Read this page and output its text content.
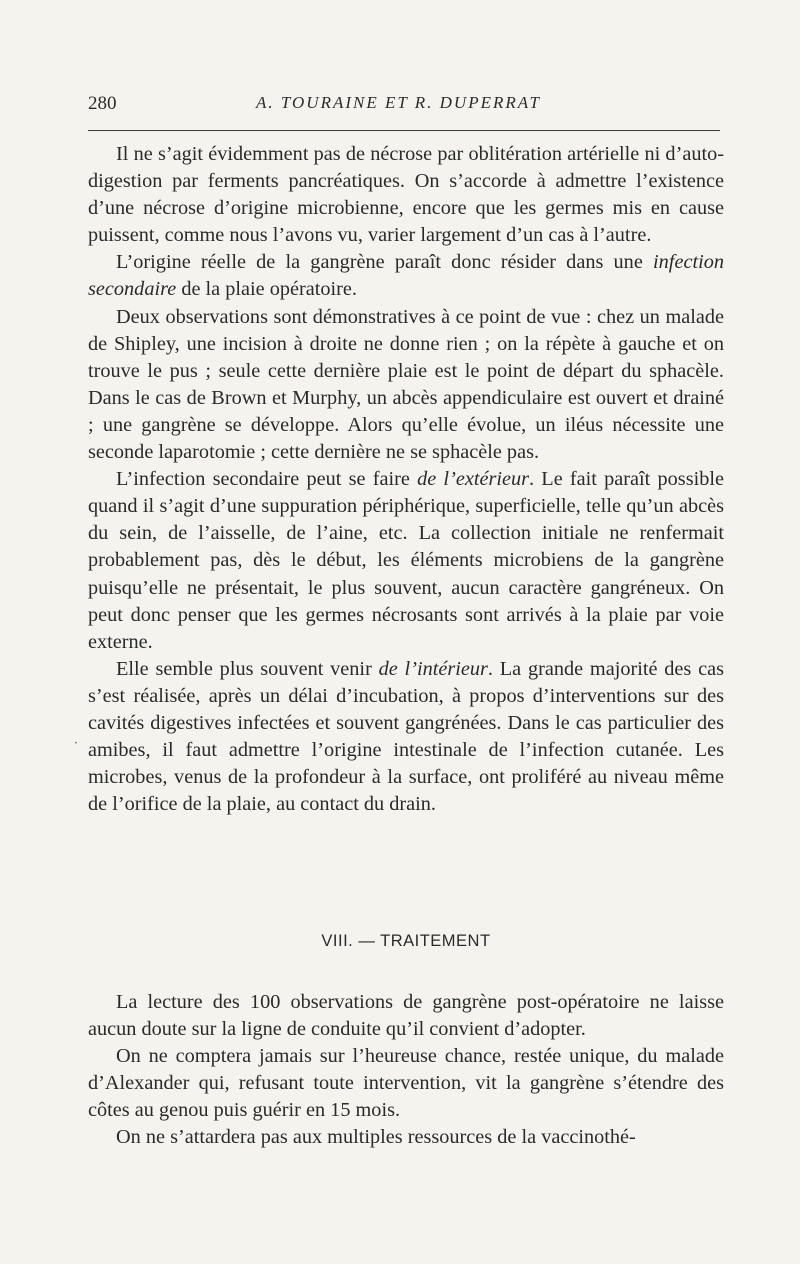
280	A. TOURAINE ET R. DUPERRAT

Il ne s’agit évidemment pas de nécrose par oblitération artérielle ni d’auto-digestion par ferments pancréatiques. On s’accorde à admettre l’existence d’une nécrose d’origine microbienne, encore que les germes mis en cause puissent, comme nous l’avons vu, varier largement d’un cas à l’autre.

L’origine réelle de la gangrène paraît donc résider dans une infection secondaire de la plaie opératoire.

Deux observations sont démonstratives à ce point de vue : chez un malade de Shipley, une incision à droite ne donne rien ; on la répète à gauche et on trouve le pus ; seule cette dernière plaie est le point de départ du sphacèle. Dans le cas de Brown et Murphy, un abcès appendiculaire est ouvert et drainé ; une gangrène se développe. Alors qu’elle évolue, un iléus nécessite une seconde laparotomie ; cette dernière ne se sphacèle pas.

L’infection secondaire peut se faire de l’extérieur. Le fait paraît possible quand il s’agit d’une suppuration périphérique, superficielle, telle qu’un abcès du sein, de l’aisselle, de l’aine, etc. La collection initiale ne renfermait probablement pas, dès le début, les éléments microbiens de la gangrène puisqu’elle ne présentait, le plus souvent, aucun caractère gangréneux. On peut donc penser que les germes nécrosants sont arrivés à la plaie par voie externe.

Elle semble plus souvent venir de l’intérieur. La grande majorité des cas s’est réalisée, après un délai d’incubation, à propos d’interventions sur des cavités digestives infectées et souvent gangrénées. Dans le cas particulier des amibes, il faut admettre l’origine intestinale de l’infection cutanée. Les microbes, venus de la profondeur à la surface, ont proliféré au niveau même de l’orifice de la plaie, au contact du drain.

·
VIII. — TRAITEMENT

La lecture des 100 observations de gangrène post-opératoire ne laisse aucun doute sur la ligne de conduite qu’il convient d’adopter.

On ne comptera jamais sur l’heureuse chance, restée unique, du malade d’Alexander qui, refusant toute intervention, vit la gangrène s’étendre des côtes au genou puis guérir en 15 mois.

On ne s’attardera pas aux multiples ressources de la vaccinothé-
